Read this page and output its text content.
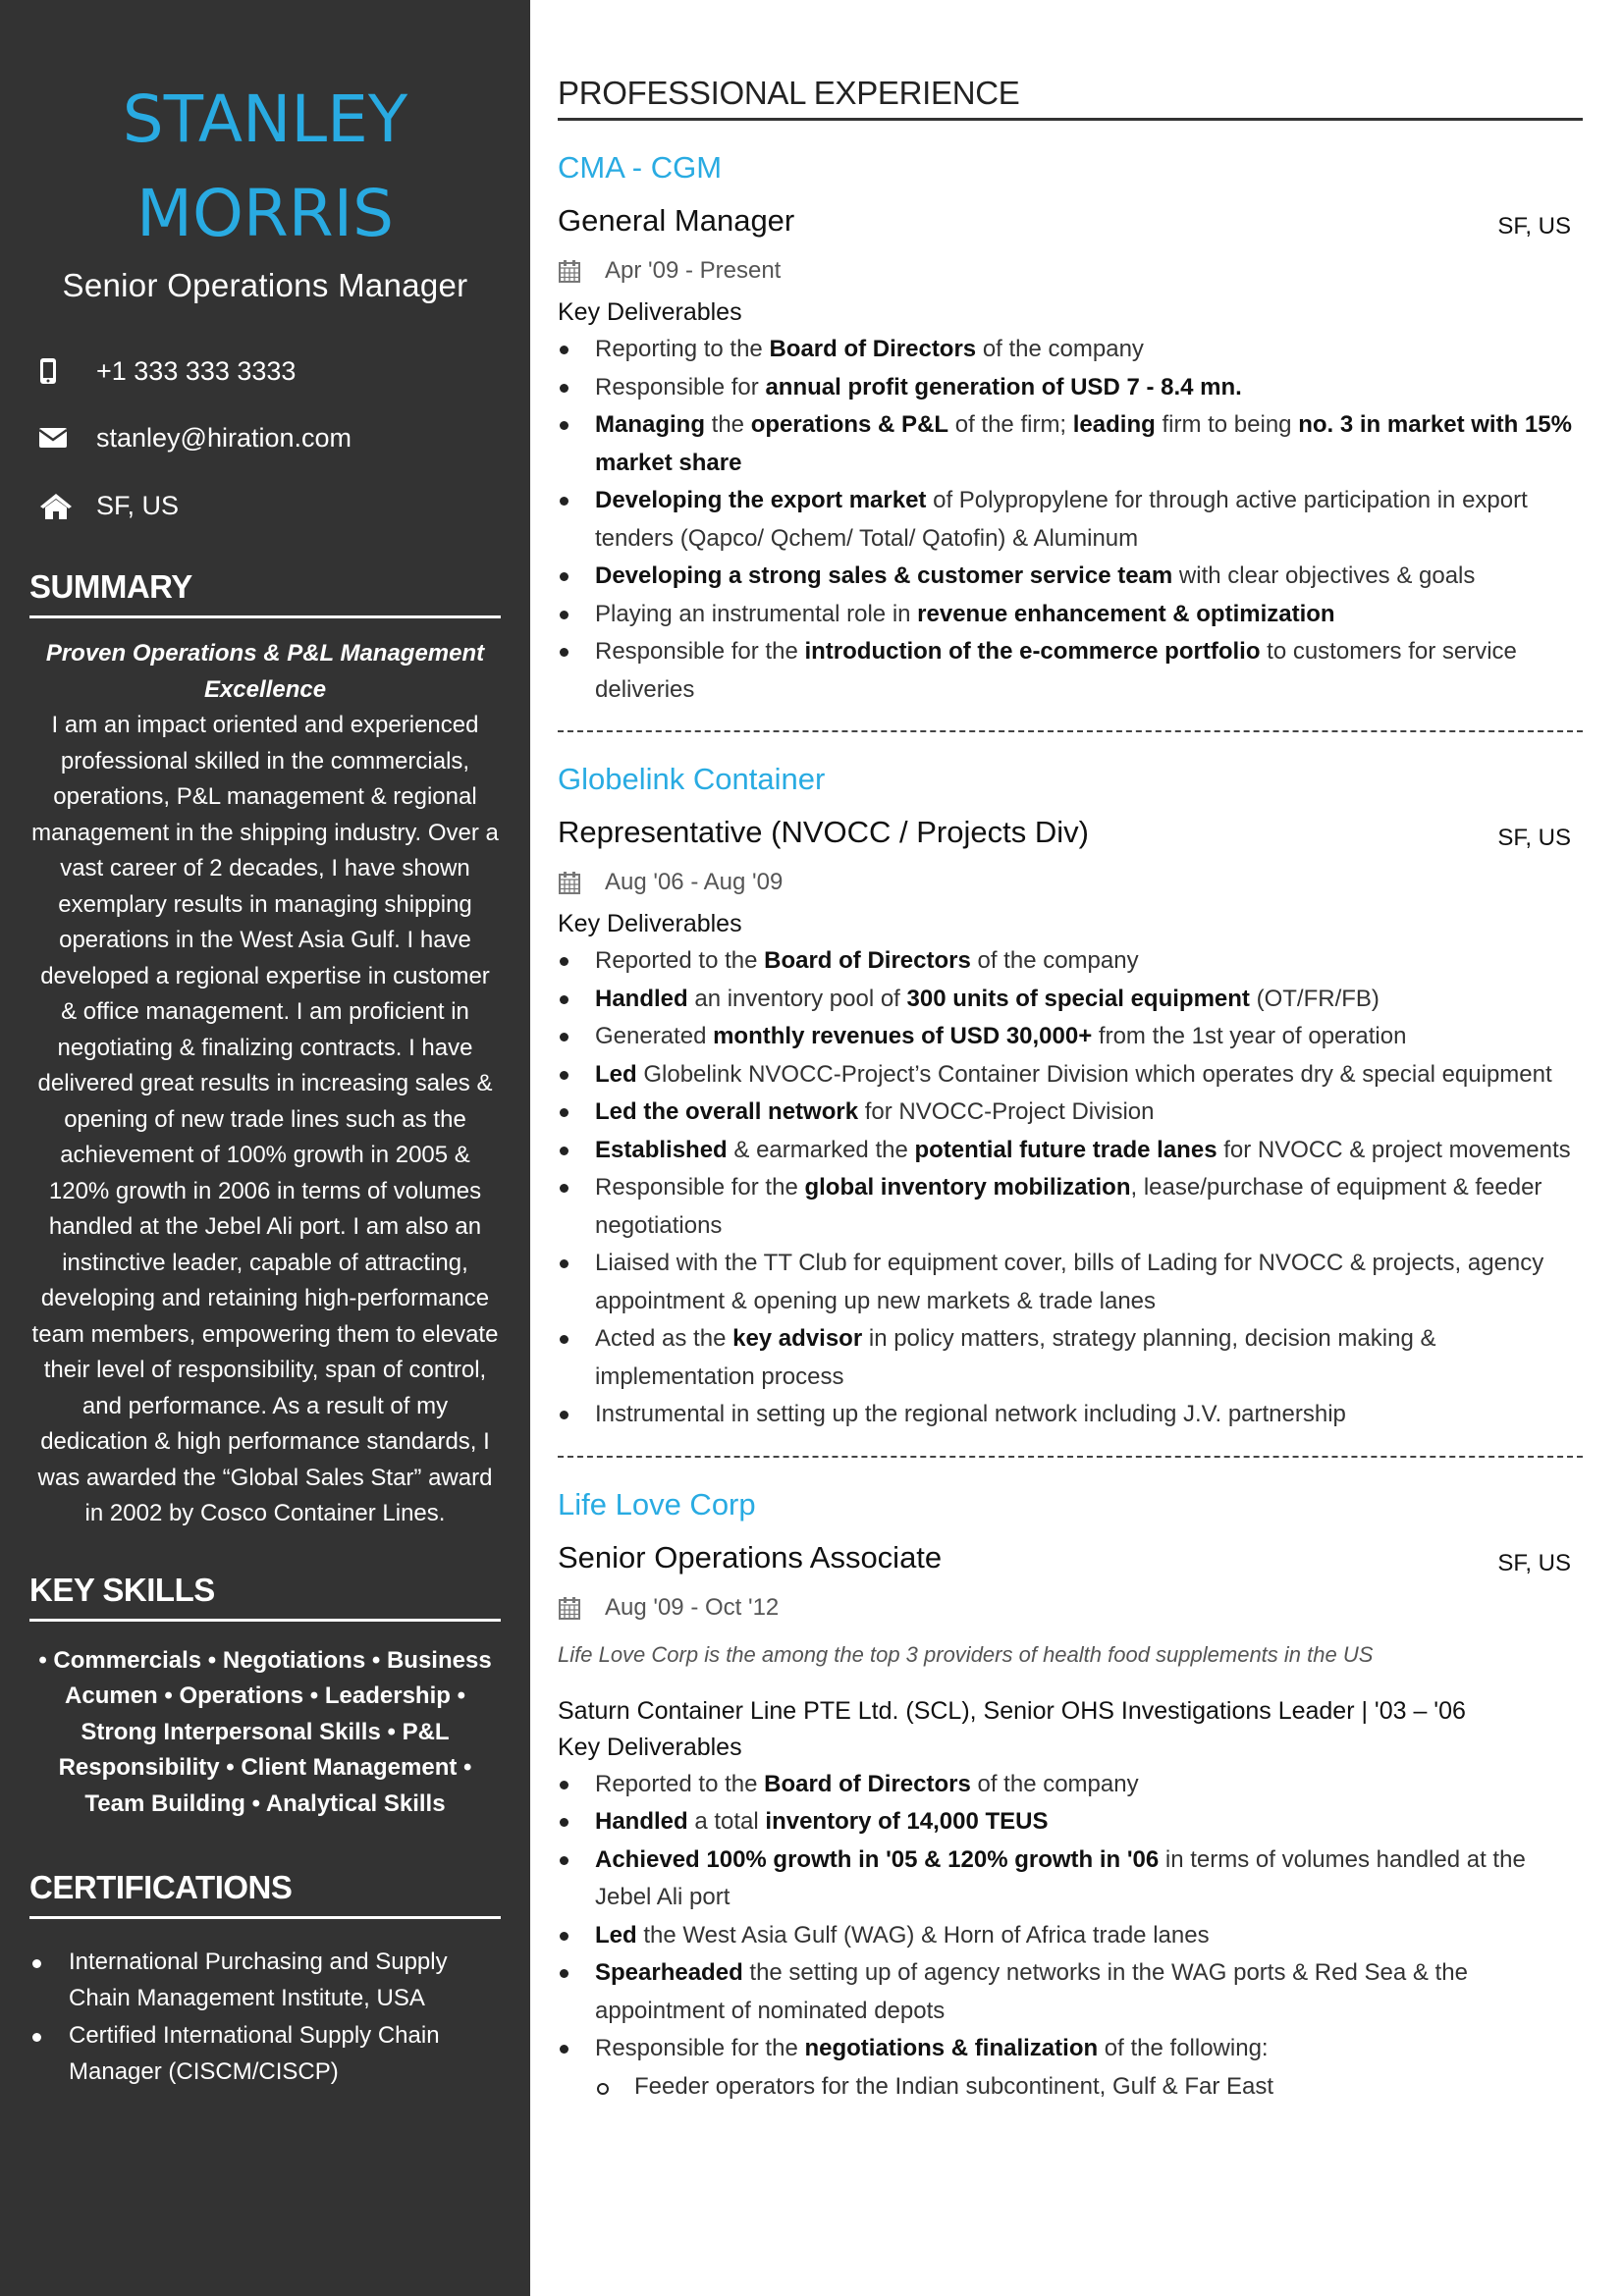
STANLEY
MORRIS
Senior Operations Manager
+1 333 333 3333
stanley@hiration.com
SF, US
SUMMARY
Proven Operations & P&L Management Excellence
I am an impact oriented and experienced professional skilled in the commercials, operations, P&L management & regional management in the shipping industry. Over a vast career of 2 decades, I have shown exemplary results in managing shipping operations in the West Asia Gulf. I have developed a regional expertise in customer & office management. I am proficient in negotiating & finalizing contracts. I have delivered great results in increasing sales & opening of new trade lines such as the achievement of 100% growth in 2005 & 120% growth in 2006 in terms of volumes handled at the Jebel Ali port. I am also an instinctive leader, capable of attracting, developing and retaining high-performance team members, empowering them to elevate their level of responsibility, span of control, and performance. As a result of my dedication & high performance standards, I was awarded the “Global Sales Star” award in 2002 by Cosco Container Lines.
KEY SKILLS
• Commercials • Negotiations • Business Acumen • Operations • Leadership • Strong Interpersonal Skills • P&L Responsibility • Client Management • Team Building • Analytical Skills
CERTIFICATIONS
International Purchasing and Supply Chain Management Institute, USA
Certified International Supply Chain Manager (CISCM/CISCP)
PROFESSIONAL EXPERIENCE
CMA - CGM
General Manager	SF, US
Apr '09 - Present
Key Deliverables
Reporting to the Board of Directors of the company
Responsible for annual profit generation of USD 7 - 8.4 mn.
Managing the operations & P&L of the firm; leading firm to being no. 3 in market with 15% market share
Developing the export market of Polypropylene for through active participation in export tenders (Qapco/ Qchem/ Total/ Qatofin) & Aluminum
Developing a strong sales & customer service team with clear objectives & goals
Playing an instrumental role in revenue enhancement & optimization
Responsible for the introduction of the e-commerce portfolio to customers for service deliveries
Globelink Container
Representative (NVOCC / Projects Div)	SF, US
Aug '06 - Aug '09
Key Deliverables
Reported to the Board of Directors of the company
Handled an inventory pool of 300 units of special equipment (OT/FR/FB)
Generated monthly revenues of USD 30,000+ from the 1st year of operation
Led Globelink NVOCC-Project’s Container Division which operates dry & special equipment
Led the overall network for NVOCC-Project Division
Established & earmarked the potential future trade lanes for NVOCC & project movements
Responsible for the global inventory mobilization, lease/purchase of equipment & feeder negotiations
Liaised with the TT Club for equipment cover, bills of Lading for NVOCC & projects, agency appointment & opening up new markets & trade lanes
Acted as the key advisor in policy matters, strategy planning, decision making & implementation process
Instrumental in setting up the regional network including J.V. partnership
Life Love Corp
Senior Operations Associate	SF, US
Aug '09 - Oct '12
Life Love Corp is the among the top 3 providers of health food supplements in the US
Saturn Container Line PTE Ltd. (SCL), Senior OHS Investigations Leader | '03 – '06
Key Deliverables
Reported to the Board of Directors of the company
Handled a total inventory of 14,000 TEUS
Achieved 100% growth in '05 & 120% growth in '06 in terms of volumes handled at the Jebel Ali port
Led the West Asia Gulf (WAG) & Horn of Africa trade lanes
Spearheaded the setting up of agency networks in the WAG ports & Red Sea & the appointment of nominated depots
Responsible for the negotiations & finalization of the following:
Feeder operators for the Indian subcontinent, Gulf & Far East
